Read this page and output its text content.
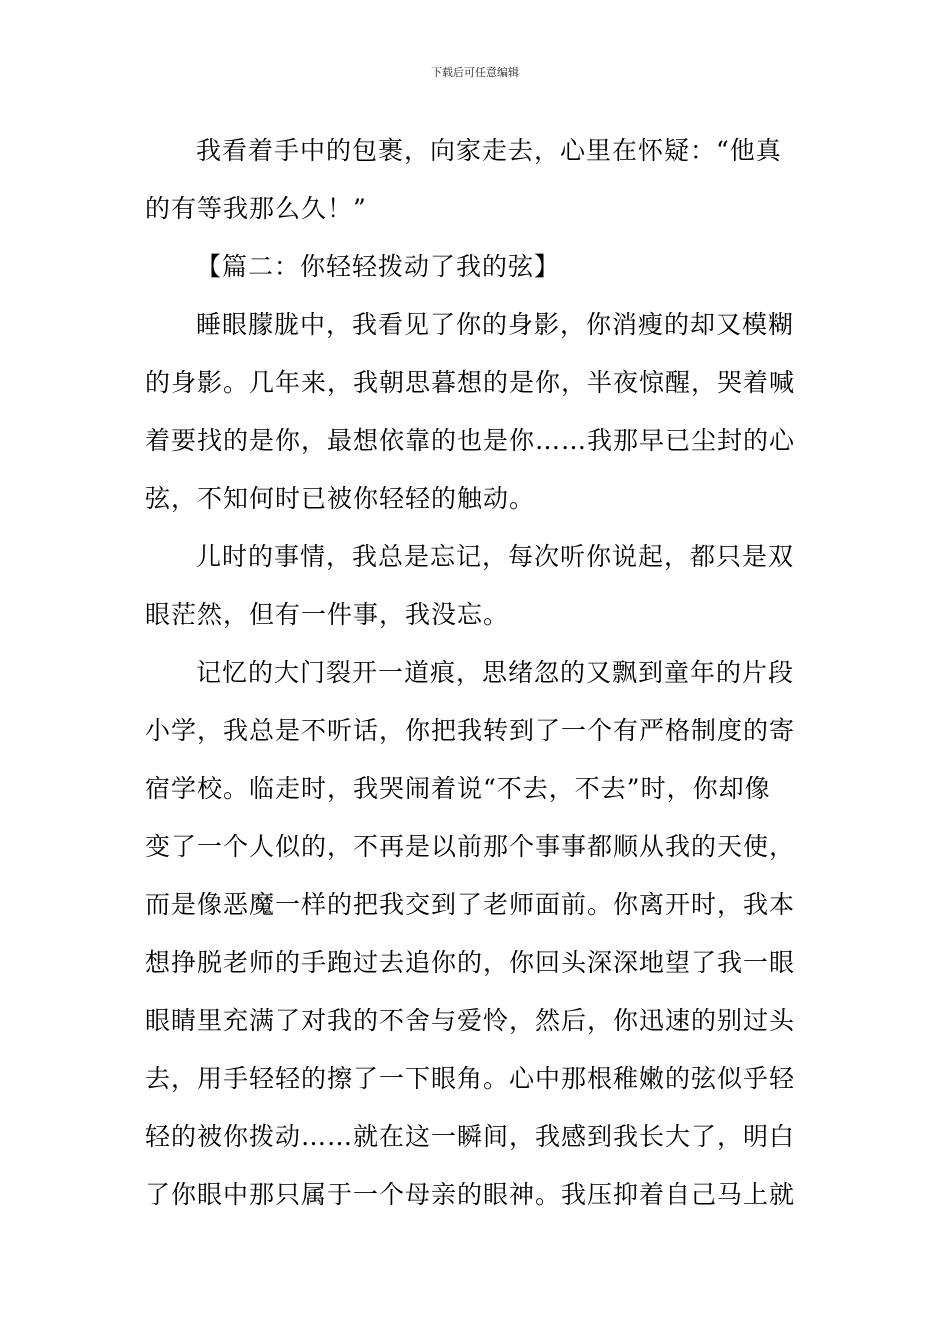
下载后可任意编辑
我看着手中的包裹，向家走去，心里在怀疑：“他真
的有等我那么久！”
【篇二：你轻轻拨动了我的弦】
睡眼朦胧中，我看见了你的身影，你消瘦的却又模糊
的身影。几年来，我朝思暮想的是你，半夜惊醒，哭着喊
着要找的是你，最想依靠的也是你……我那早已尘封的心
弦，不知何时已被你轻轻的触动。
儿时的事情，我总是忘记，每次听你说起，都只是双
眼茫然，但有一件事，我没忘。
记忆的大门裂开一道痕，思绪忽的又飘到童年的片段
小学，我总是不听话，你把我转到了一个有严格制度的寄
宿学校。临走时，我哭闹着说“不去，不去”时，你却像
变了一个人似的，不再是以前那个事事都顺从我的天使，
而是像恶魔一样的把我交到了老师面前。你离开时，我本
想挣脱老师的手跑过去追你的，你回头深深地望了我一眼
眼睛里充满了对我的不舍与爱怜，然后，你迅速的别过头
去，用手轻轻的擦了一下眼角。心中那根稚嫩的弦似乎轻
轻的被你拨动……就在这一瞬间，我感到我长大了，明白
了你眼中那只属于一个母亲的眼神。我压抑着自己马上就
